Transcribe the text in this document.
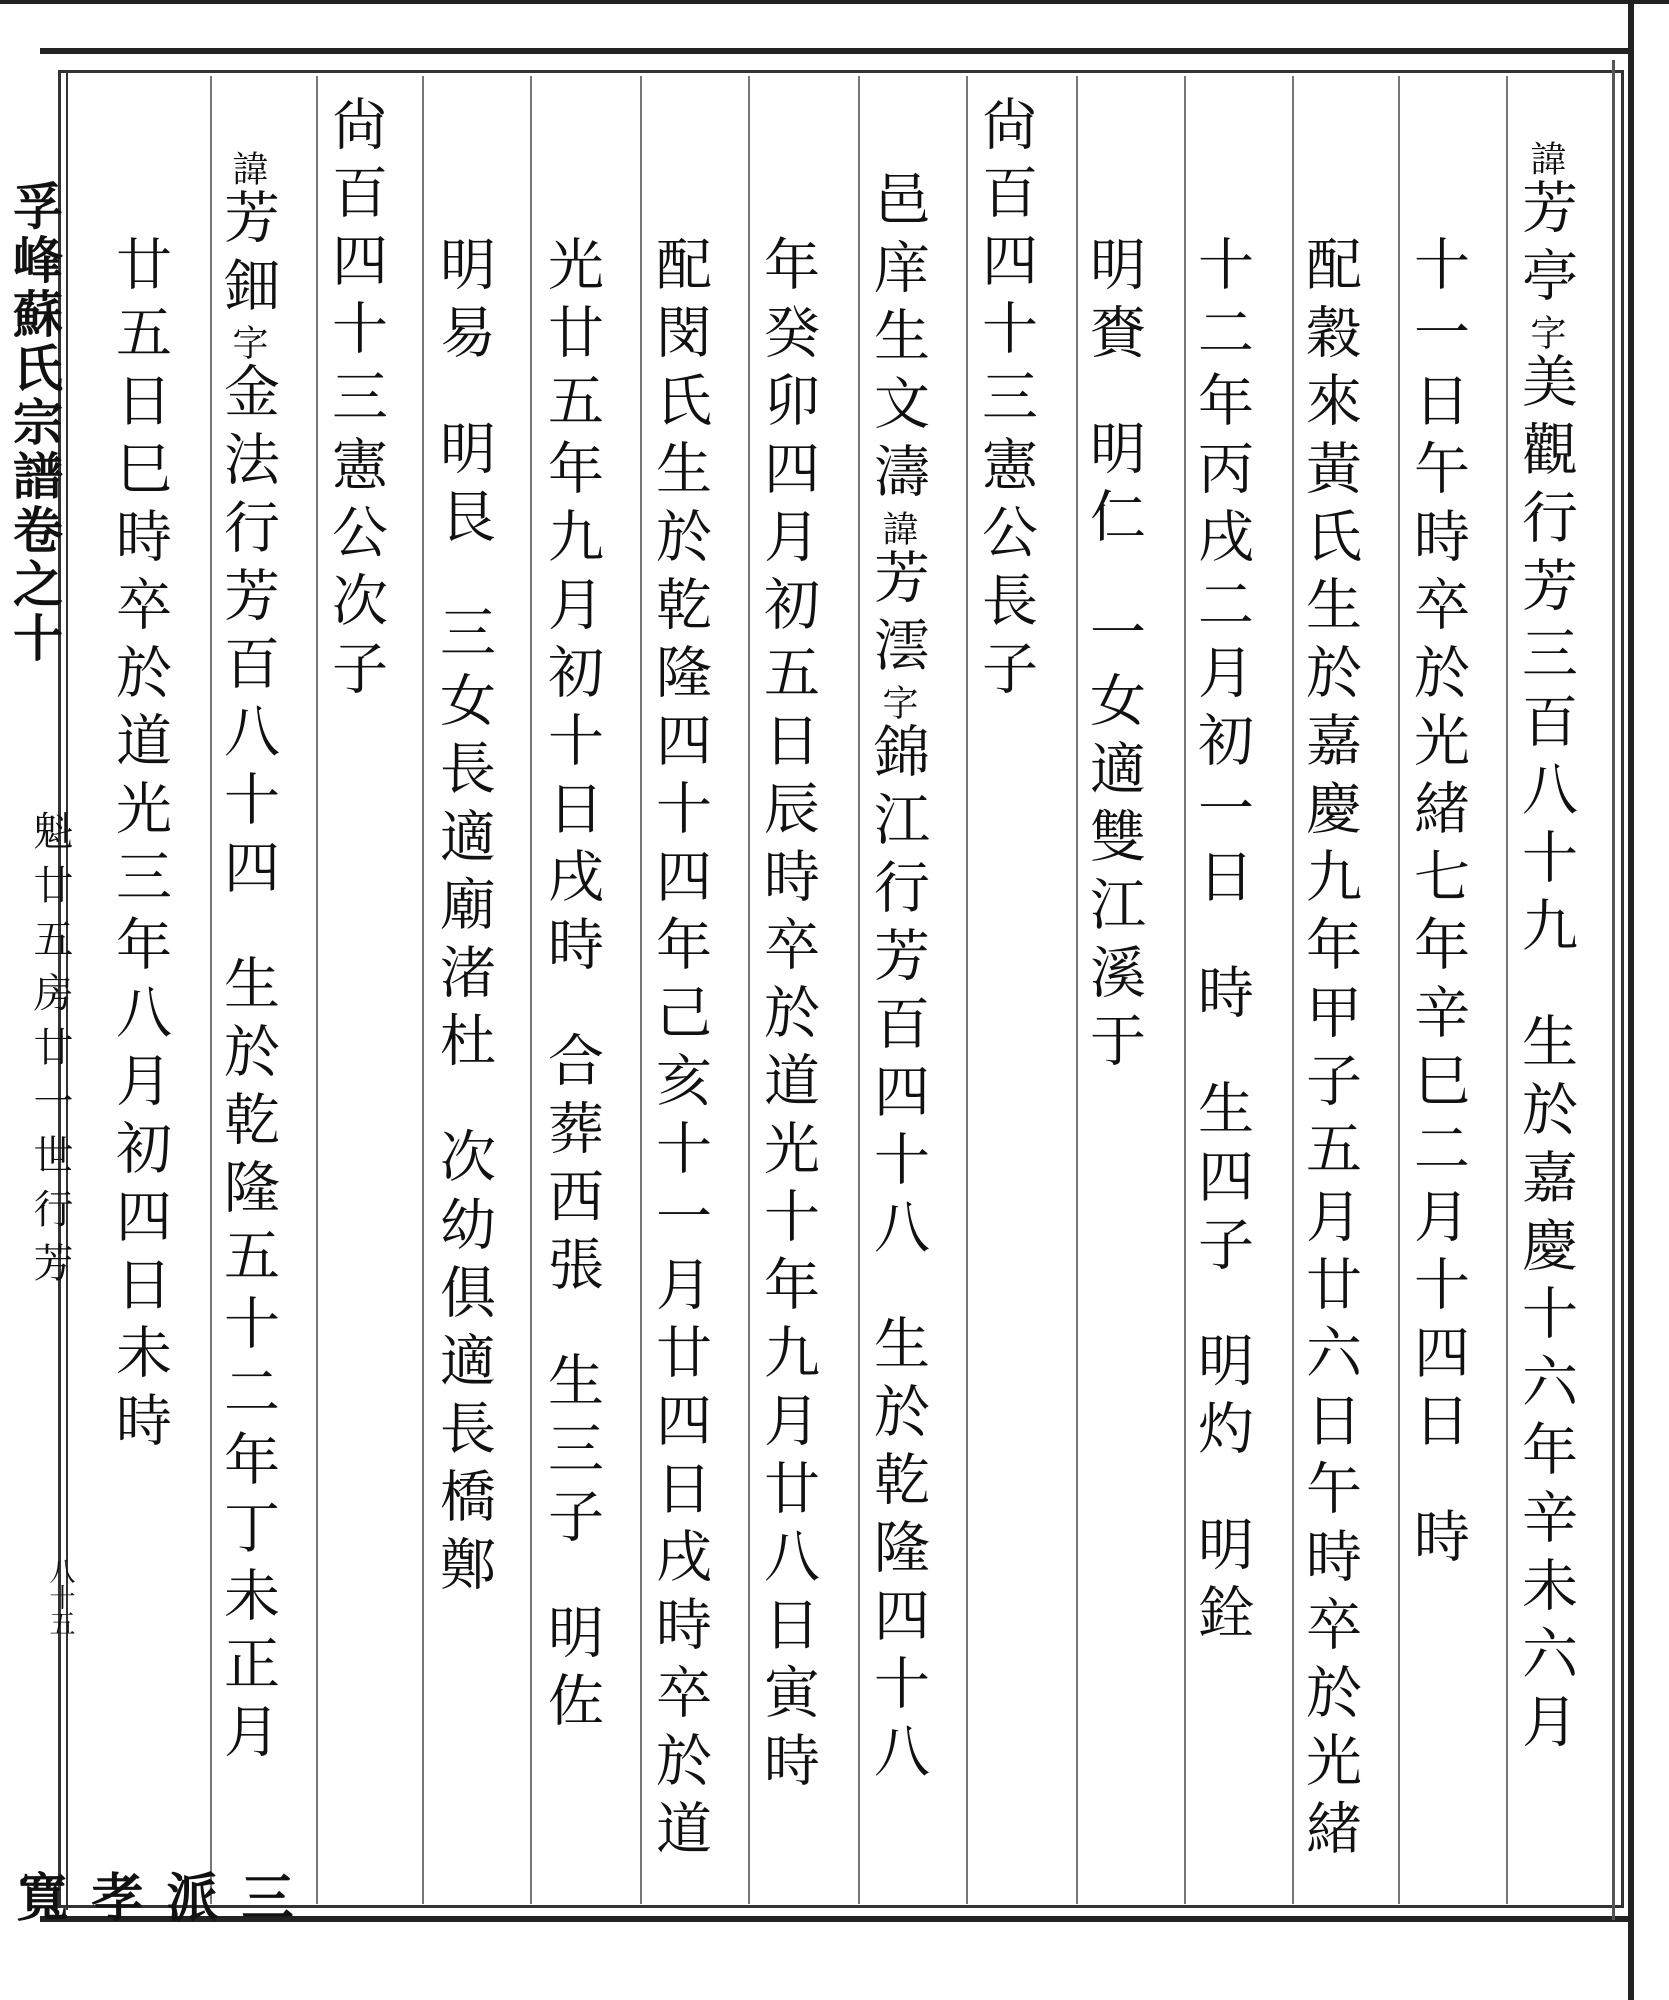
孚峰蘇氏宗譜卷之十
魁廿五房廿一世行芳
八十五
三派孝寬
諱芳亭字美觀行芳三百八十九生於嘉慶十六年辛未六月
十一日午時卒於光緒七年辛巳二月十四日時
配穀來黃氏生於嘉慶九年甲子五月廿六日午時卒於光緒
十二年丙戌二月初一日時生四子明灼明銓
明賚明仁一女適雙江溪于
尙百四十三憲公長子
邑庠生文濤諱芳澐字錦江行芳百四十八生於乾隆四十八
年癸卯四月初五日辰時卒於道光十年九月廿八日寅時
配閔氏生於乾隆四十四年己亥十一月廿四日戌時卒於道
光廿五年九月初十日戌時合葬西張生三子明佐
明易明艮三女長適廟渚杜次幼俱適長橋鄭
尙百四十三憲公次子
諱芳鈿字金法行芳百八十四生於乾隆五十二年丁未正月
廿五日巳時卒於道光三年八月初四日未時
